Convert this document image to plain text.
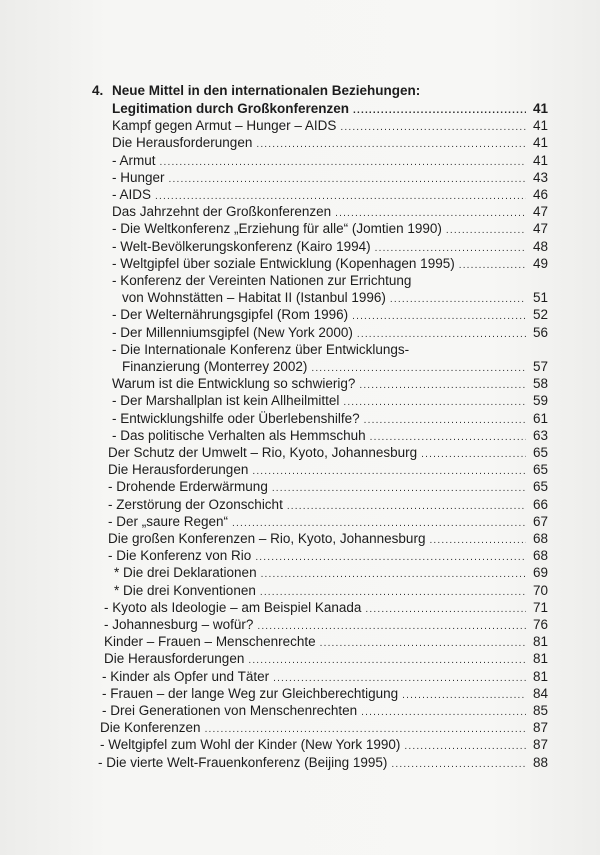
4. Neue Mittel in den internationalen Beziehungen:
Legitimation durch Großkonferenzen .....	41
Kampf gegen Armut – Hunger – AIDS .....	41
Die Herausforderungen .....	41
- Armut .....	41
- Hunger .....	43
- AIDS .....	46
Das Jahrzehnt der Großkonferenzen .....	47
- Die Weltkonferenz „Erziehung für alle“ (Jomtien 1990) .....	47
- Welt-Bevölkerungskonferenz (Kairo 1994) .....	48
- Weltgipfel über soziale Entwicklung (Kopenhagen 1995) .....	49
- Konferenz der Vereinten Nationen zur Errichtung
von Wohnstätten – Habitat II (Istanbul 1996) .....	51
- Der Welternährungsgipfel (Rom 1996) .....	52
- Der Millenniumsgipfel (New York 2000) .....	56
- Die Internationale Konferenz über Entwicklungs-
Finanzierung (Monterrey 2002) .....	57
Warum ist die Entwicklung so schwierig? .....	58
- Der Marshallplan ist kein Allheilmittel .....	59
- Entwicklungshilfe oder Überlebenshilfe? .....	61
- Das politische Verhalten als Hemmschuh .....	63
Der Schutz der Umwelt – Rio, Kyoto, Johannesburg .....	65
Die Herausforderungen .....	65
- Drohende Erderwärmung .....	65
- Zerstörung der Ozonschicht .....	66
- Der „saure Regen“ .....	67
Die großen Konferenzen – Rio, Kyoto, Johannesburg .....	68
- Die Konferenz von Rio .....	68
* Die drei Deklarationen .....	69
* Die drei Konventionen .....	70
- Kyoto als Ideologie – am Beispiel Kanada .....	71
- Johannesburg – wofür? .....	76
Kinder – Frauen – Menschenrechte .....	81
Die Herausforderungen .....	81
- Kinder als Opfer und Täter .....	81
- Frauen – der lange Weg zur Gleichberechtigung .....	84
- Drei Generationen von Menschenrechten .....	85
Die Konferenzen .....	87
- Weltgipfel zum Wohl der Kinder (New York 1990) .....	87
- Die vierte Welt-Frauenkonferenz (Beijing 1995) .....	88
